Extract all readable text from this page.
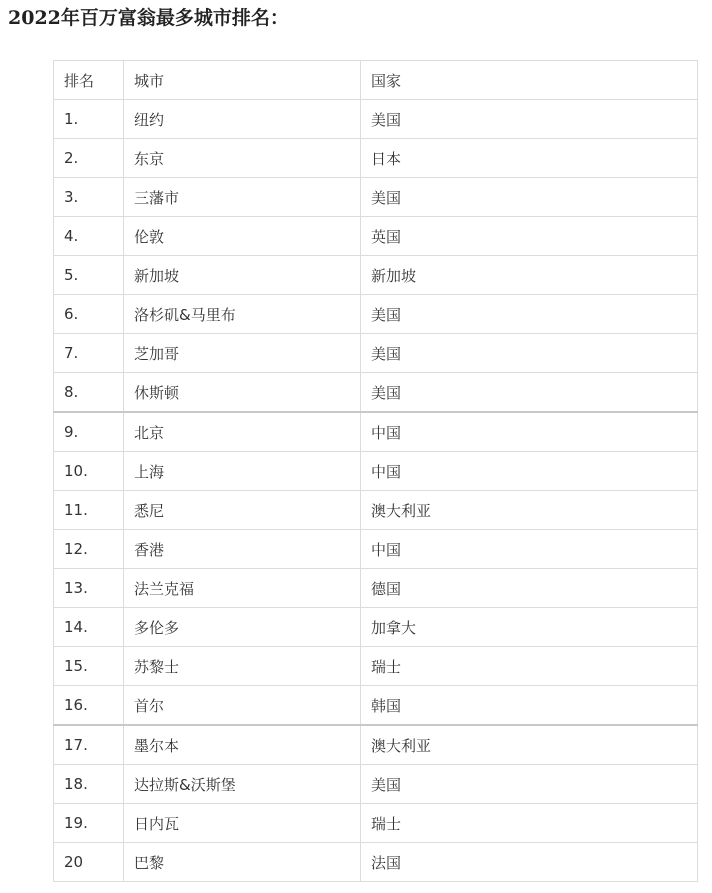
2022年百万富翁最多城市排名：
排名	城市	国家
1.	纽约	美国
2.	东京	日本
3.	三藩市	美国
4.	伦敦	英国
5.	新加坡	新加坡
6.	洛杉矶&马里布	美国
7.	芝加哥	美国
8.	休斯顿	美国
9.	北京	中国
10.	上海	中国
11.	悉尼	澳大利亚
12.	香港	中国
13.	法兰克福	德国
14.	多伦多	加拿大
15.	苏黎士	瑞士
16.	首尔	韩国
17.	墨尔本	澳大利亚
18.	达拉斯&沃斯堡	美国
19.	日内瓦	瑞士
20	巴黎	法国
